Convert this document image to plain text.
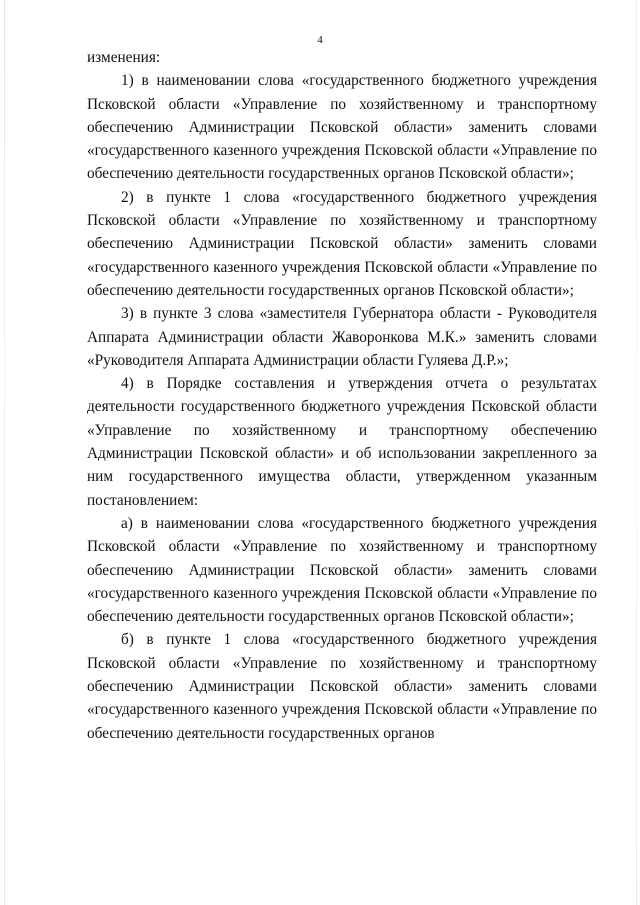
4

изменения:

1) в наименовании слова «государственного бюджетного учреждения Псковской области «Управление по хозяйственному и транспортному обеспечению Администрации Псковской области» заменить словами «государственного казенного учреждения Псковской области «Управление по обеспечению деятельности государственных органов Псковской области»;

2) в пункте 1 слова «государственного бюджетного учреждения Псковской области «Управление по хозяйственному и транспортному обеспечению Администрации Псковской области» заменить словами «государственного казенного учреждения Псковской области «Управление по обеспечению деятельности государственных органов Псковской области»;

3) в пункте 3 слова «заместителя Губернатора области - Руководителя Аппарата Администрации области Жаворонкова М.К.» заменить словами «Руководителя Аппарата Администрации области Гуляева Д.Р.»;

4) в Порядке составления и утверждения отчета о результатах деятельности государственного бюджетного учреждения Псковской области «Управление по хозяйственному и транспортному обеспечению Администрации Псковской области» и об использовании закрепленного за ним государственного имущества области, утвержденном указанным постановлением:

а) в наименовании слова «государственного бюджетного учреждения Псковской области «Управление по хозяйственному и транспортному обеспечению Администрации Псковской области» заменить словами «государственного казенного учреждения Псковской области «Управление по обеспечению деятельности государственных органов Псковской области»;

б) в пункте 1 слова «государственного бюджетного учреждения Псковской области «Управление по хозяйственному и транспортному обеспечению Администрации Псковской области» заменить словами «государственного казенного учреждения Псковской области «Управление по обеспечению деятельности государственных органов
